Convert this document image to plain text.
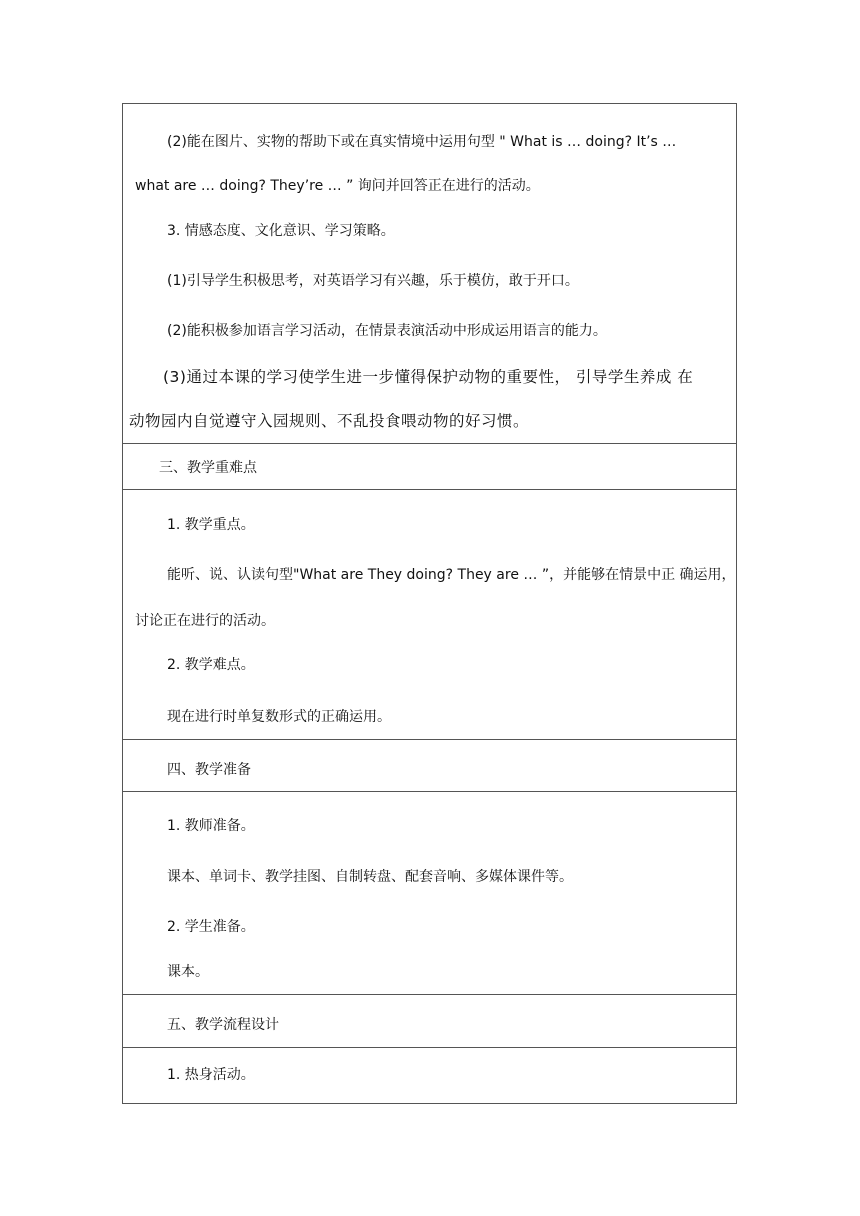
(2)能在图片、实物的帮助下或在真实情境中运用句型 " What is … doing? It’s …
what are … doing? They’re … ” 询问并回答正在进行的活动。
3. 情感态度、文化意识、学习策略。
(1)引导学生积极思考，对英语学习有兴趣，乐于模仿，敢于开口。
(2)能积极参加语言学习活动，在情景表演活动中形成运用语言的能力。
(3)通过本课的学习使学生进一步懂得保护动物的重要性， 引导学生养成 在
动物园内自觉遵守入园规则、不乱投食喂动物的好习惯。
三、教学重难点
1. 教学重点。
能听、说、认读句型"What are They doing? They are … ”，并能够在情景中正 确运用，
讨论正在进行的活动。
2. 教学难点。
现在进行时单复数形式的正确运用。
四、教学准备
1. 教师准备。
课本、单词卡、教学挂图、自制转盘、配套音响、多媒体课件等。
2. 学生准备。
课本。
五、教学流程设计
1. 热身活动。
